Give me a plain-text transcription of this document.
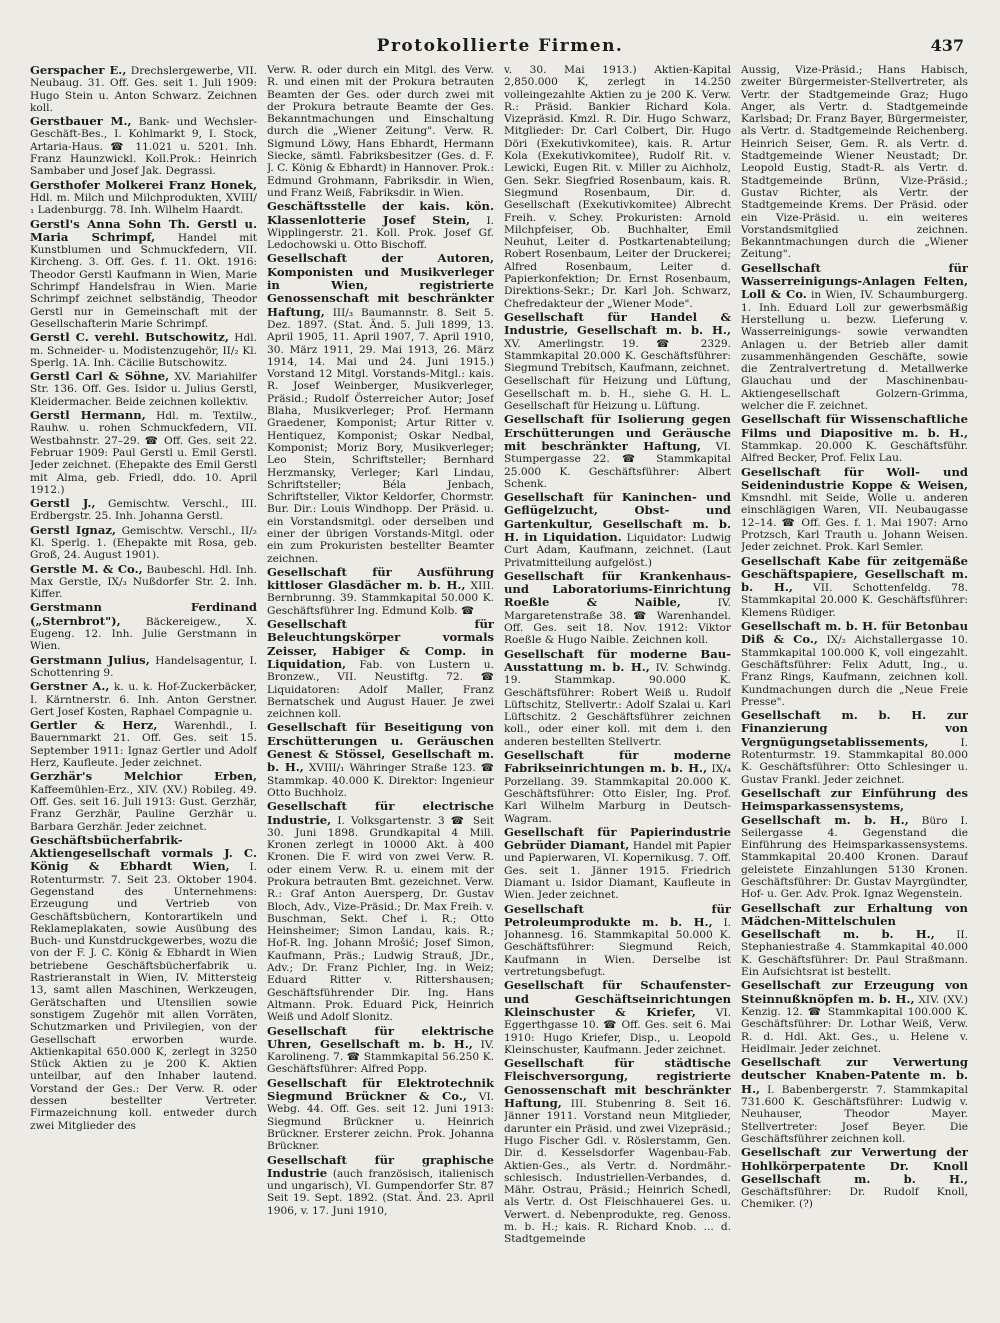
Protokollierte Firmen.	437

Gerspacher E., Drechslergewerbe, VII. Neubaug. 31. Off. Ges. seit 1. Juli 1909: Hugo Stein u. Anton Schwarz. Zeichnen koll.

Gerstbauer M., Bank- und Wechsler-Geschäft-Bes., I. Kohlmarkt 9, I. Stock, Artaria-Haus. ☎ 11.021 u. 5201. Inh. Franz Haunzwickl. Koll.Prok.: Heinrich Sambaber und Josef Jak. Degrassi.

Gersthofer Molkerei Franz Honek, Hdl. m. Milch und Milchprodukten, XVIII/₁ Ladenburgg. 78. Inh. Wilhelm Haardt.

Gerstl's Anna Sohn Th. Gerstl u. Maria Schrimpf, Handel mit Kunstblumen und Schmuckfedern, VII. Kircheng. 3. Off. Ges. f. 11. Okt. 1916: Theodor Gerstl Kaufmann in Wien, Marie Schrimpf Handelsfrau in Wien. Marie Schrimpf zeichnet selbständig, Theodor Gerstl nur in Gemeinschaft mit der Gesellschafterin Marie Schrimpf.

Gerstl C. verehl. Butschowitz, Hdl. m. Schneider- u. Modistenzugehör, II/₂ Kl. Sperlg. 1A. Inh. Cäcilie Butschowitz.

Gerstl Carl & Söhne, XV. Mariahilfer Str. 136. Off. Ges. Isidor u. Julius Gerstl, Kleidermacher. Beide zeichnen kollektiv.

Gerstl Hermann, Hdl. m. Textilw., Rauhw. u. rohen Schmuckfedern, VII. Westbahnstr. 27–29. ☎ Off. Ges. seit 22. Februar 1909: Paul Gerstl u. Emil Gerstl. Jeder zeichnet. (Ehepakte des Emil Gerstl mit Alma, geb. Friedl, ddo. 10. April 1912.)

Gerstl J., Gemischtw. Verschl., III. Erdbergstr. 25. Inh. Johanna Gerstl.

Gerstl Ignaz, Gemischtw. Verschl., II/₂ Kl. Sperlg. 1. (Ehepakte mit Rosa, geb. Groß, 24. August 1901).

Gerstle M. & Co., Baubeschl. Hdl. Inh. Max Gerstle, IX/₃ Nußdorfer Str. 2. Inh. Kiffer.

Gerstmann Ferdinand („Sternbrot"), Bäckereigew., X. Eugeng. 12. Inh. Julie Gerstmann in Wien.

Gerstmann Julius, Handelsagentur, I. Schottenring 9.

Gerstner A., k. u. k. Hof-Zuckerbäcker, I. Kärntnerstr. 6. Inh. Anton Gerstner. Gert Josef Kosten, Raphael Compagnie u.

Gertler & Herz, Warenhdl., I. Bauernmarkt 21. Off. Ges. seit 15. September 1911: Ignaz Gertler und Adolf Herz, Kaufleute. Jeder zeichnet.

Gerzhär's Melchior Erben, Kaffeemühlen-Erz., XIV. (XV.) Robileg. 49. Off. Ges. seit 16. Juli 1913: Gust. Gerzhär, Franz Gerzhär, Pauline Gerzhär u. Barbara Gerzhär. Jeder zeichnet.

Geschäftsbücherfabrik-Aktiengesellschaft vormals J. C. König & Ebhardt Wien, I. Rotenturmstr. 7. Seit 23. Oktober 1904. Gegenstand des Unternehmens: Erzeugung und Vertrieb von Geschäftsbüchern, Kontorartikeln und Reklameplakaten, sowie Ausübung des Buch- und Kunstdruckgewerbes, wozu die von der F. J. C. König & Ebhardt in Wien betriebene Geschäftsbücherfabrik u. Rastrieranstalt in Wien, IV. Mittersteig 13, samt allen Maschinen, Werkzeugen, Gerätschaften und Utensilien sowie sonstigem Zugehör mit allen Vorräten, Schutzmarken und Privilegien, von der Gesellschaft erworben wurde. Aktienkapital 650.000 K, zerlegt in 3250 Stück Aktien zu je 200 K. Aktien unteilbar, auf den Inhaber lautend. Vorstand der Ges.: Der Verw. R. oder dessen bestellter Vertreter. Firmazeichnung koll. entweder durch zwei Mitglieder des

Verw. R. oder durch ein Mitgl. des Verw. R. und einen mit der Prokura betrauten Beamten der Ges. oder durch zwei mit der Prokura betraute Beamte der Ges. Bekanntmachungen und Einschaltung durch die „Wiener Zeitung". Verw. R. Sigmund Löwy, Hans Ebhardt, Hermann Siecke, sämtl. Fabriksbesitzer (Ges. d. F. J. C. König & Ebhardt) in Hannover. Prok.: Edmund Grohmann, Fabriksdir. in Wien, und Franz Weiß, Fabriksdir. in Wien.

Geschäftsstelle der kais. kön. Klassenlotterie Josef Stein, I. Wipplingerstr. 21. Koll. Prok. Josef Gf. Ledochowski u. Otto Bischoff.

Gesellschaft der Autoren, Komponisten und Musikverleger in Wien, registrierte Genossenschaft mit beschränkter Haftung, III/₃ Baumannstr. 8. Seit 5. Dez. 1897. (Stat. Änd. 5. Juli 1899, 13. April 1905, 11. April 1907, 7. April 1910, 30. März 1911, 29. Mai 1913, 26. März 1914, 14. Mai und 24. Juni 1915.) Vorstand 12 Mitgl. Vorstands-Mitgl.: kais. R. Josef Weinberger, Musikverleger, Präsid.; Rudolf Österreicher Autor; Josef Blaha, Musikverleger; Prof. Hermann Graedener, Komponist; Artur Ritter v. Hentiquez, Komponist; Oskar Nedbal, Komponist; Moriz Bory, Musikverleger; Leo Stein, Schriftsteller; Bernhard Herzmansky, Verleger; Karl Lindau, Schriftsteller; Béla Jenbach, Schriftsteller, Viktor Keldorfer, Chormstr. Bur. Dir.: Louis Windhopp. Der Präsid. u. ein Vorstandsmitgl. oder derselben und einer der übrigen Vorstands-Mitgl. oder ein zum Prokuristen bestellter Beamter zeichnen.

Gesellschaft für Ausführung kittloser Glasdächer m. b. H., XIII. Bernbrunng. 39. Stammkapital 50.000 K. Geschäftsführer Ing. Edmund Kolb. ☎

Gesellschaft für Beleuchtungskörper vormals Zeisser, Habiger & Comp. in Liquidation, Fab. von Lustern u. Bronzew., VII. Neustiftg. 72. ☎ Liquidatoren: Adolf Maller, Franz Bernatschek und August Hauer. Je zwei zeichnen koll.

Gesellschaft für Beseitigung von Erschütterungen u. Geräuschen Genest & Stössel, Gesellschaft m. b. H., XVIII/₁ Währinger Straße 123. ☎ Stammkap. 40.000 K. Direktor: Ingenieur Otto Buchholz.

Gesellschaft für electrische Industrie, I. Volksgartenstr. 3 ☎ Seit 30. Juni 1898. Grundkapital 4 Mill. Kronen zerlegt in 10000 Akt. à 400 Kronen. Die F. wird von zwei Verw. R. oder einem Verw. R. u. einem mit der Prokura betrauten Bmt. gezeichnet. Verw. R.: Graf Anton Auersperg, Dr. Gustav Bloch, Adv., Vize-Präsid.; Dr. Max Freih. v. Buschman, Sekt. Chef i. R.; Otto Heinsheimer; Simon Landau, kais. R.; Hof-R. Ing. Johann Mrošić; Josef Simon, Kaufmann, Präs.; Ludwig Strauß, JDr., Adv.; Dr. Franz Pichler, Ing. in Weiz; Eduard Ritter v. Rittershausen; Geschäftsführender Dir. Ing. Hans Altmann. Prok. Eduard Pick, Heinrich Weiß und Adolf Slonitz.

Gesellschaft für elektrische Uhren, Gesellschaft m. b. H., IV. Karolineng. 7. ☎ Stammkapital 56.250 K. Geschäftsführer: Alfred Popp.

Gesellschaft für Elektrotechnik Siegmund Brückner & Co., VI. Webg. 44. Off. Ges. seit 12. Juni 1913: Siegmund Brückner u. Heinrich Brückner. Ersterer zeichn. Prok. Johanna Brückner.

Gesellschaft für graphische Industrie (auch französisch, italienisch und ungarisch), VI. Gumpendorfer Str. 87 Seit 19. Sept. 1892. (Stat. Änd. 23. April 1906, v. 17. Juni 1910,

v. 30. Mai 1913.) Aktien-Kapital 2,850.000 K, zerlegt in 14.250 volleingezahlte Aktien zu je 200 K. Verw. R.: Präsid. Bankier Richard Kola. Vizepräsid. Kmzl. R. Dir. Hugo Schwarz, Mitglieder: Dr. Carl Colbert, Dir. Hugo Döri (Exekutivkomitee), kais. R. Artur Kola (Exekutivkomitee), Rudolf Rit. v. Lewicki, Eugen Rit. v. Miller zu Aichholz, Gen. Sekr. Siegfried Rosenbaum, kais. R. Siegmund Rosenbaum, Dir. d. Gesellschaft (Exekutivkomitee) Albrecht Freih. v. Schey. Prokuristen: Arnold Milchpfeiser, Ob. Buchhalter, Emil Neuhut, Leiter d. Postkartenabteilung; Robert Rosenbaum, Leiter der Druckerei; Alfred Rosenbaum, Leiter d. Papierkonfektion; Dr. Ernst Rosenbaum, Direktions-Sekr.; Dr. Karl Joh. Schwarz, Chefredakteur der „Wiener Mode".

Gesellschaft für Handel & Industrie, Gesellschaft m. b. H., XV. Amerlingstr. 19. ☎ 2329. Stammkapital 20.000 K. Geschäftsführer: Siegmund Trebitsch, Kaufmann, zeichnet.

Gesellschaft für Heizung und Lüftung, Gesellschaft m. b. H., siehe G. H. L. Gesellschaft für Heizung u. Lüftung.

Gesellschaft für Isolierung gegen Erschütterungen und Geräusche mit beschränkter Haftung, VI. Stumpergasse 22. ☎ Stammkapital 25.000 K. Geschäftsführer: Albert Schenk.

Gesellschaft für Kaninchen- und Geflügelzucht, Obst- und Gartenkultur, Gesellschaft m. b. H. in Liquidation. Liquidator: Ludwig Curt Adam, Kaufmann, zeichnet. (Laut Privatmitteilung aufgelöst.)

Gesellschaft für Krankenhaus- und Laboratoriums-Einrichtung Roeßle & Naible,	IV. Margaretenstraße 38. ☎ Warenhandel. Off. Ges. seit 18. Nov. 1912: Viktor Roeßle & Hugo Naible. Zeichnen koll.

Gesellschaft für moderne Bau-Ausstattung m. b. H., IV. Schwindg. 19. Stammkap. 90.000 K. Geschäftsführer: Robert Weiß u. Rudolf Lüftschitz, Stellvertr.: Adolf Szalai u. Karl Lüftschitz. 2 Geschäftsführer zeichnen koll., oder einer koll. mit dem i. den anderen bestellten Stellvertr.

Gesellschaft für moderne Fabrikseinrichtungen m. b. H., IX/₄ Porzellang. 39. Stammkapital 20.000 K. Geschäftsführer: Otto Eisler, Ing. Prof. Karl Wilhelm Marburg in Deutsch-Wagram.

Gesellschaft für Papierindustrie Gebrüder Diamant, Handel mit Papier und Papierwaren, VI. Kopernikusg. 7. Off. Ges. seit 1. Jänner 1915. Friedrich Diamant u. Isidor Diamant, Kaufleute in Wien. Jeder zeichnet.

Gesellschaft für Petroleumprodukte m. b. H., I. Johannesg. 16. Stammkapital 50.000 K. Geschäftsführer: Siegmund Reich, Kaufmann in Wien. Derselbe ist vertretungsbefugt.

Gesellschaft für Schaufenster- und Geschäftseinrichtungen Kleinschuster & Kriefer, VI. Eggerthgasse 10. ☎ Off. Ges. seit 6. Mai 1910: Hugo Kriefer, Disp., u. Leopold Kleinschuster, Kaufmann. Jeder zeichnet.

Gesellschaft für städtische Fleischversorgung, registrierte Genossenschaft mit beschränkter Haftung, III. Stubenring 8. Seit 16. Jänner 1911. Vorstand neun Mitglieder, darunter ein Präsid. und zwei Vizepräsid.; Hugo Fischer Gdl. v. Röslerstamm, Gen. Dir. d. Kesselsdorfer Wagenbau-Fab. Aktien-Ges., als Vertr. d. Nordmähr.-schlesisch. Industriellen-Verbandes, d. Mähr. Ostrau, Präsid.; Heinrich Schedl, als Vertr. d. Ost Fleischhauerei Ges. u. Verwert. d. Nebenprodukte, reg. Genoss. m. b. H.; kais. R. Richard Knob. ... d. Stadtgemeinde

Aussig, Vize-Präsid.; Hans Habisch, zweiter Bürgermeister-Stellvertreter, als Vertr. der Stadtgemeinde Graz; Hugo Anger, als Vertr. d. Stadtgemeinde Karlsbad; Dr. Franz Bayer, Bürgermeister, als Vertr. d. Stadtgemeinde Reichenberg. Heinrich Seiser, Gem. R. als Vertr. d. Stadtgemeinde Wiener Neustadt; Dr. Leopold Eustig, Stadt-R. als Vertr. d. Stadtgemeinde Brünn, Vize-Präsid.; Gustav Richter, als Vertr. der Stadtgemeinde Krems. Der Präsid. oder ein Vize-Präsid. u. ein weiteres Vorstandsmitglied zeichnen. Bekanntmachungen durch die „Wiener Zeitung".

Gesellschaft für Wasserreinigungs-Anlagen Felten, Loll & Co. in Wien, IV. Schaumburgerg. 1. Inh. Eduard Loll zur gewerbsmäßig Herstellung u. bezw. Lieferung v. Wasserreinigungs- sowie verwandten Anlagen u. der Betrieb aller damit zusammenhängenden Geschäfte, sowie die Zentralvertretung d. Metallwerke Glauchau und der Maschinenbau-Aktiengesellschaft Golzern-Grimma, welcher die F. zeichnet.

Gesellschaft für Wissenschaftliche Films und Diapositive m. b. H., Stammkap. 20.000 K. Geschäftsführ. Alfred Becker, Prof. Felix Lau.

Gesellschaft für Woll- und Seidenindustrie Koppe & Weisen, Kmsndhl. mit Seide, Wolle u. anderen einschlägigen Waren, VII. Neubaugasse 12–14. ☎ Off. Ges. f. 1. Mai 1907: Arno Protzsch, Karl Trauth u. Johann Weisen. Jeder zeichnet. Prok. Karl Semler.

Gesellschaft Kabe für zeitgemäße Geschäftspapiere, Gesellschaft m. b. H., VII. Schottenfeldg. 78. Stammkapital 20.000 K. Geschäftsführer: Klemens Rüdiger.

Gesellschaft m. b. H. für Betonbau Diß & Co., IX/₂ Aichstallergasse 10. Stammkapital 100.000 K, voll eingezahlt. Geschäftsführer: Felix Adutt, Ing., u. Franz Rings, Kaufmann, zeichnen koll. Kundmachungen durch die „Neue Freie Presse".

Gesellschaft m. b. H. zur Finanzierung von Vergnügungsetablissements,	I. Rotenturmstr. 19. Stammkapital 80.000 K. Geschäftsführer: Otto Schlesinger u. Gustav Frankl. Jeder zeichnet.

Gesellschaft zur Einführung des Heimsparkassensystems, Gesellschaft m. b. H., Büro I. Seilergasse 4. Gegenstand die Einführung des Heimsparkassensystems. Stammkapital 20.400 Kronen. Darauf geleistete Einzahlungen 5130 Kronen. Geschäftsführer: Dr. Gustav Mayrgündter, Hof- u. Ger. Adv. Prok. Ignaz Wegenstein.

Gesellschaft zur Erhaltung von Mädchen-Mittelschulen Gesellschaft m. b. H., II. Stephaniestraße 4. Stammkapital 40.000 K. Geschäftsführer: Dr. Paul Straßmann. Ein Aufsichtsrat ist bestellt.

Gesellschaft zur Erzeugung von Steinnußknöpfen m. b. H., XIV. (XV.) Kenzig. 12. ☎ Stammkapital 100.000 K. Geschäftsführer: Dr. Lothar Weiß, Verw. R. d. Hdl. Akt. Ges., u. Helene v. Heidlmair. Jeder zeichnet.

Gesellschaft zur Verwertung deutscher Knaben-Patente m. b. H., I. Babenbergerstr. 7. Stammkapital 731.600 K. Geschäftsführer: Ludwig v. Neuhauser, Theodor Mayer. Stellvertreter: Josef Beyer. Die Geschäftsführer zeichnen koll.

Gesellschaft zur Verwertung der Hohlkörperpatente Dr. Knoll Gesellschaft m. b. H., Geschäftsführer: Dr. Rudolf Knoll, Chemiker. (?)
